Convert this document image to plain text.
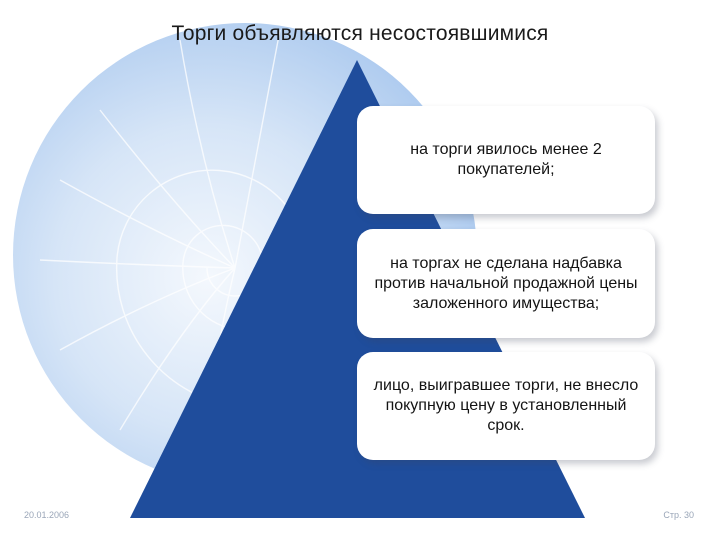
Торги объявляются несостоявшимися
на торги явилось менее 2 покупателей;
на торгах не сделана надбавка против начальной продажной цены заложенного имущества;
лицо, выигравшее торги, не внесло покупную цену в установленный срок.
20.01.2006	Стр. 30
